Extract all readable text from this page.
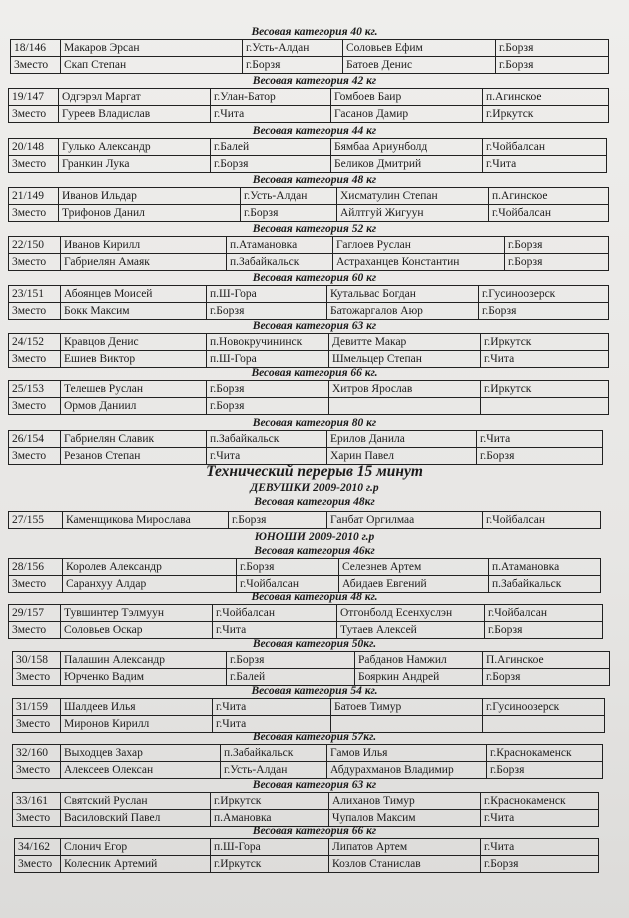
Весовая категория 40 кг.
18/146	Макаров Эрсан	г.Усть-Алдан	Соловьев Ефим	г.Борзя
3место	Скап Степан	г.Борзя	Батоев Денис	г.Борзя
Весовая категория 42 кг
19/147	Одгэрэл Маргат	г.Улан-Батор	Гомбоев Баир	п.Агинское
3место	Гуреев Владислав	г.Чита	Гасанов Дамир	г.Иркутск
Весовая категория 44 кг
20/148	Гулько Александр	г.Балей	Бямбаа Ариунболд	г.Чойбалсан
3место	Гранкин Лука	г.Борзя	Беликов Дмитрий	г.Чита
Весовая категория 48 кг
21/149	Иванов Ильдар	г.Усть-Алдан	Хисматулин Степан	п.Агинское
3место	Трифонов Данил	г.Борзя	Айлтгуй Жигуун	г.Чойбалсан
Весовая категория 52 кг
22/150	Иванов Кирилл	п.Атамановка	Гаглоев Руслан	г.Борзя
3место	Габриелян Амаяк	п.Забайкальск	Астраханцев Константин	г.Борзя
Весовая категория 60 кг
23/151	Абоянцев Моисей	п.Ш-Гора	Кутальвас Богдан	г.Гусиноозерск
3место	Бокк Максим	г.Борзя	Батожаргалов Аюр	г.Борзя
Весовая категория 63 кг
24/152	Кравцов Денис	п.Новокручининск	Девитте Макар	г.Иркутск
3место	Ешиев Виктор	п.Ш-Гора	Шмельцер Степан	г.Чита
Весовая категория 66 кг.
25/153	Телешев Руслан	г.Борзя	Хитров Ярослав	г.Иркутск
3место	Ормов Даниил	г.Борзя		
Весовая категория 80 кг
26/154	Габриелян Славик	п.Забайкальск	Ерилов Данила	г.Чита
3место	Резанов Степан	г.Чита	Харин Павел	г.Борзя
Технический перерыв 15 минут
ДЕВУШКИ 2009-2010 г.р
Весовая категория 48кг
27/155	Каменщикова Мирослава	г.Борзя	Ганбат Оргилмаа	г.Чойбалсан
ЮНОШИ 2009-2010 г.р
Весовая категория 46кг
28/156	Королев Александр	г.Борзя	Селезнев Артем	п.Атамановка
3место	Саранхуу Алдар	г.Чойбалсан	Абидаев Евгений	п.Забайкальск
Весовая категория 48 кг.
29/157	Тувшинтер Тэлмуун	г.Чойбалсан	Отгонболд Есенхуслэн	г.Чойбалсан
3место	Соловьев Оскар	г.Чита	Тутаев Алексей	г.Борзя
Весовая категория 50кг.
30/158	Палашин Александр	г.Борзя	Рабданов Намжил	П.Агинское
3место	Юрченко Вадим	г.Балей	Бояркин Андрей	г.Борзя
Весовая категория 54 кг.
31/159	Шалдеев Илья	г.Чита	Батоев Тимур	г.Гусиноозерск
3место	Миронов Кирилл	г.Чита		
Весовая категория 57кг.
32/160	Выходцев Захар	п.Забайкальск	Гамов Илья	г.Краснокаменск
3место	Алексеев Олексан	г.Усть-Алдан	Абдурахманов Владимир	г.Борзя
Весовая категория 63 кг
33/161	Святский Руслан	г.Иркутск	Алиханов Тимур	г.Краснокаменск
3место	Василовский Павел	п.Амановка	Чупалов Максим	г.Чита
Весовая категория 66 кг
34/162	Слонич Егор	п.Ш-Гора	Липатов Артем	г.Чита
3место	Колесник Артемий	г.Иркутск	Козлов Станислав	г.Борзя
